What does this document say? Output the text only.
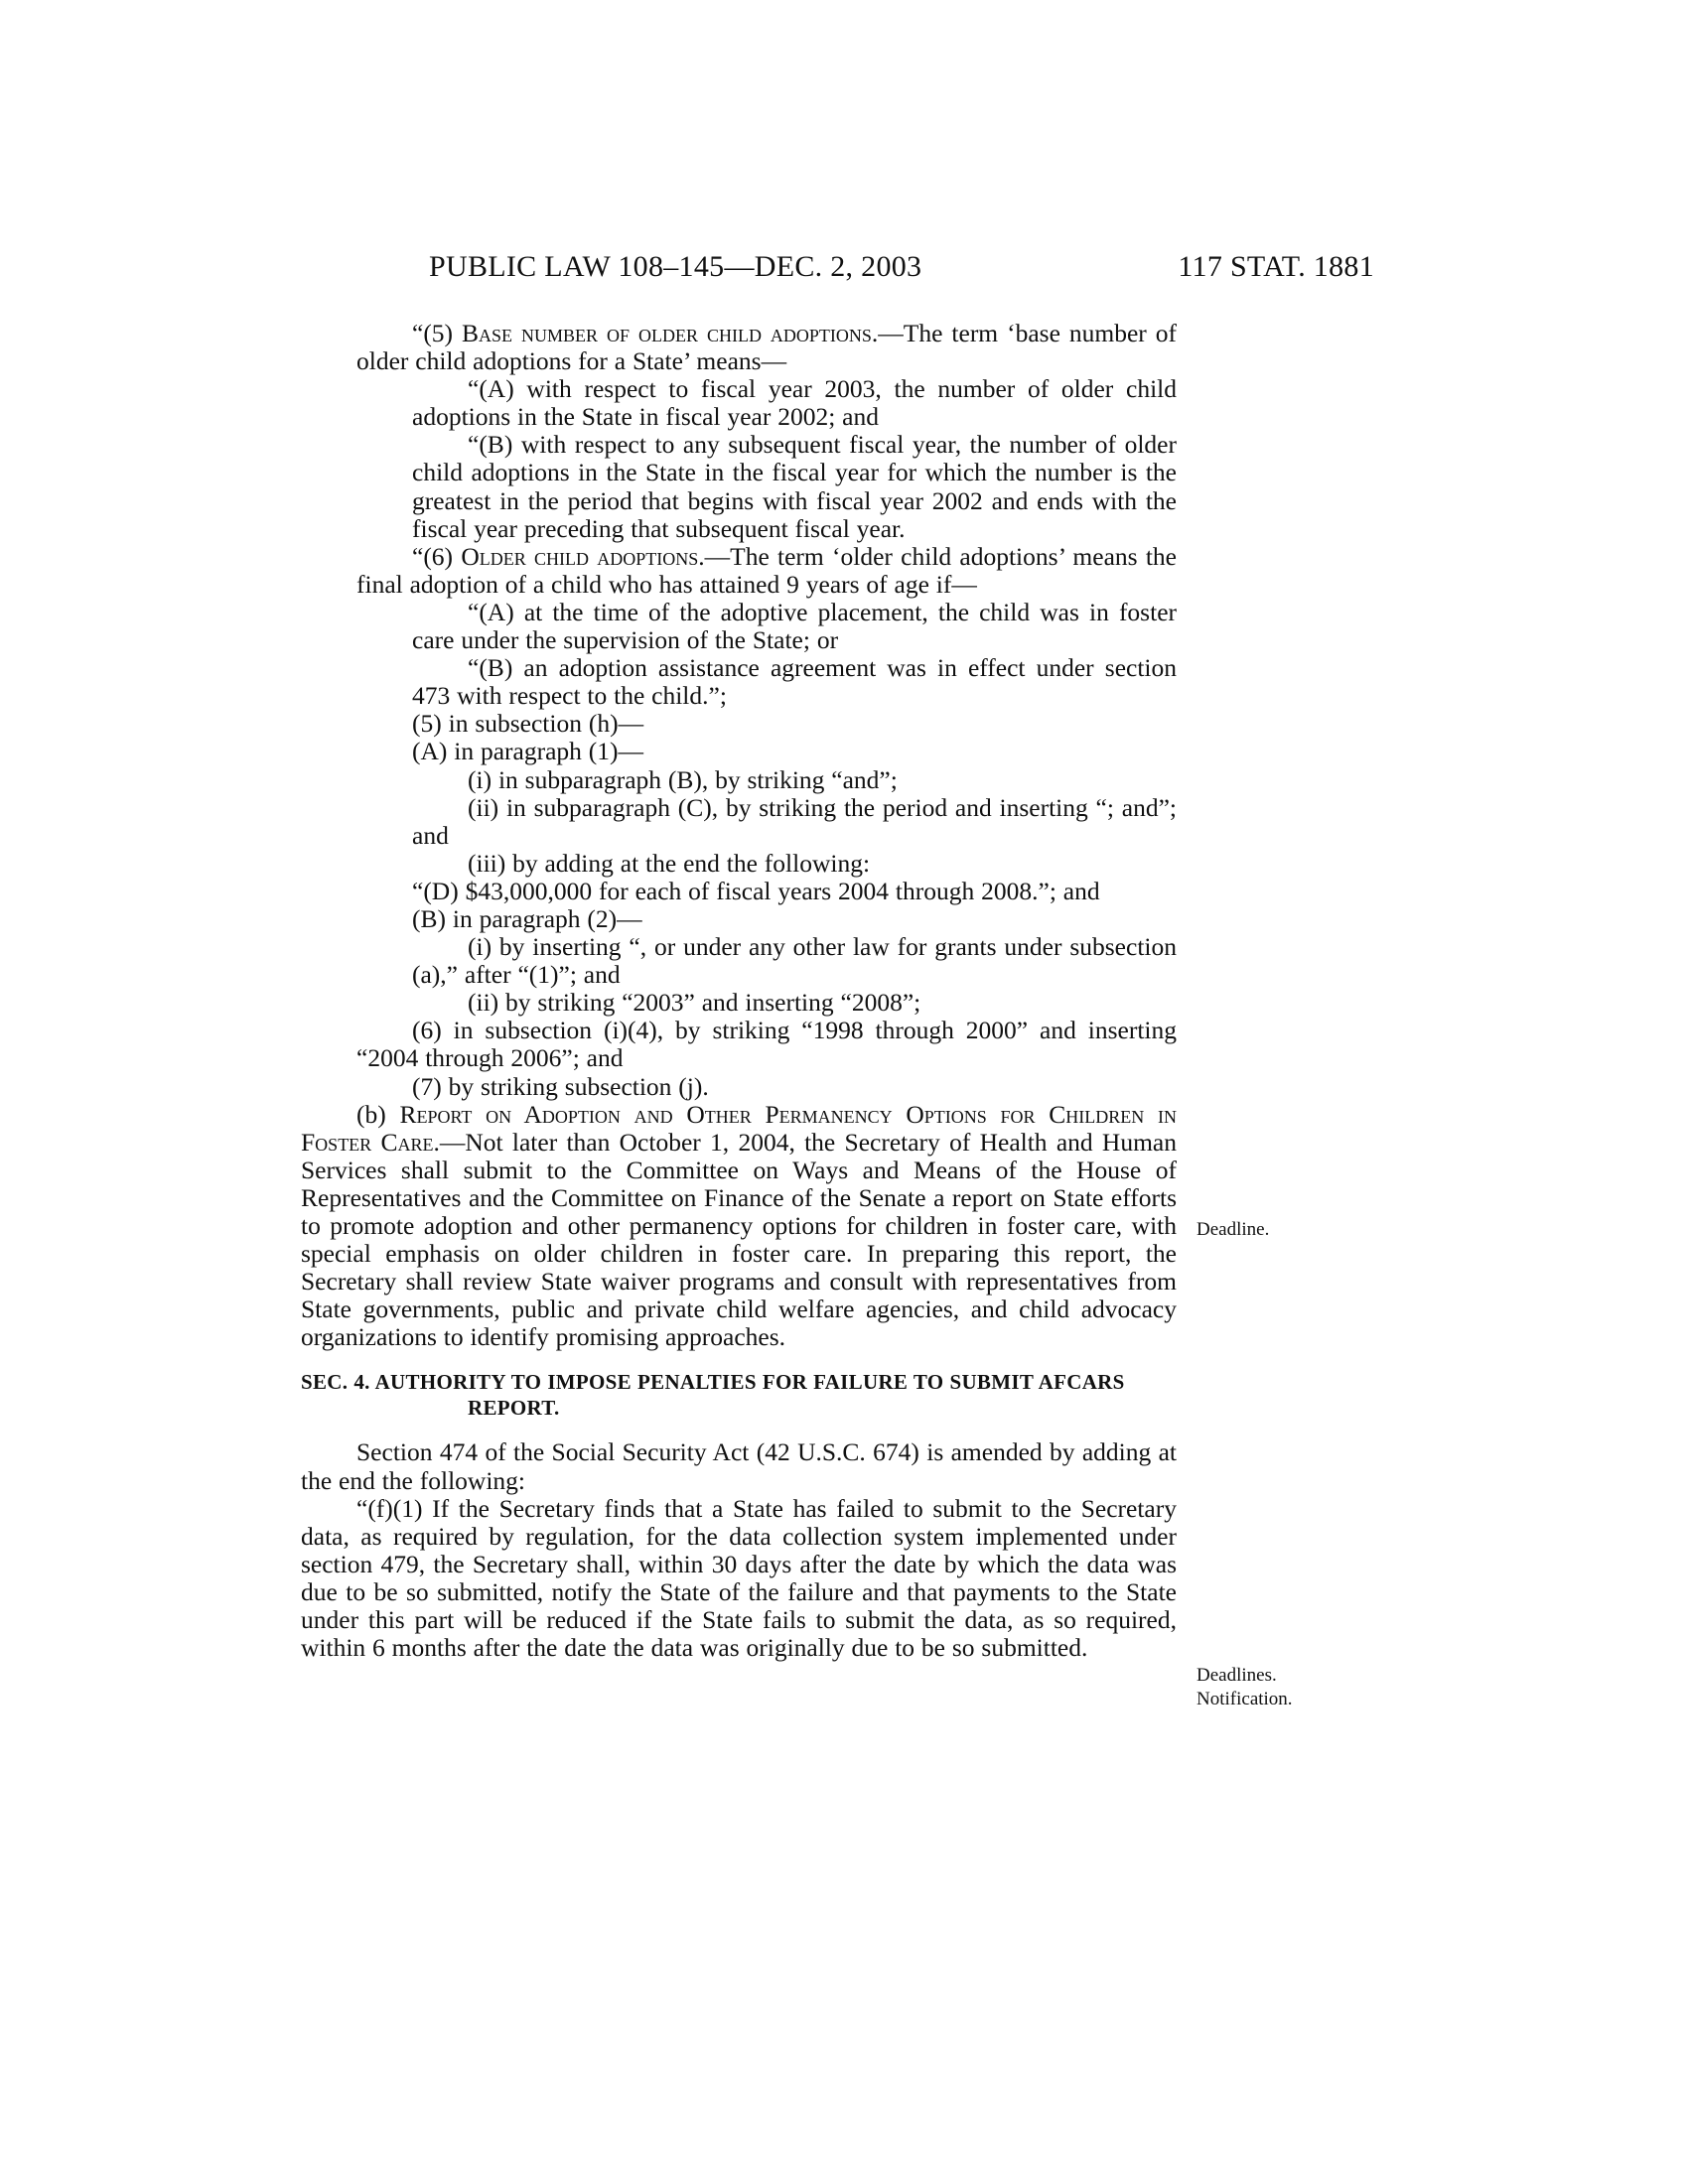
PUBLIC LAW 108–145—DEC. 2, 2003	117 STAT. 1881

“(5) Base number of older child adoptions.—The term ‘base number of older child adoptions for a State’ means—

“(A) with respect to fiscal year 2003, the number of older child adoptions in the State in fiscal year 2002; and

“(B) with respect to any subsequent fiscal year, the number of older child adoptions in the State in the fiscal year for which the number is the greatest in the period that begins with fiscal year 2002 and ends with the fiscal year preceding that subsequent fiscal year.

“(6) Older child adoptions.—The term ‘older child adoptions’ means the final adoption of a child who has attained 9 years of age if—

“(A) at the time of the adoptive placement, the child was in foster care under the supervision of the State; or

“(B) an adoption assistance agreement was in effect under section 473 with respect to the child.”;

(5) in subsection (h)—

(A) in paragraph (1)—

(i) in subparagraph (B), by striking “and”;

(ii) in subparagraph (C), by striking the period and inserting “; and”; and

(iii) by adding at the end the following:

“(D) $43,000,000 for each of fiscal years 2004 through 2008.”; and

(B) in paragraph (2)—

(i) by inserting “, or under any other law for grants under subsection (a),” after “(1)”; and

(ii) by striking “2003” and inserting “2008”;

(6) in subsection (i)(4), by striking “1998 through 2000” and inserting “2004 through 2006”; and

(7) by striking subsection (j).

(b) Report on Adoption and Other Permanency Options for Children in Foster Care.—Not later than October 1, 2004, the Secretary of Health and Human Services shall submit to the Committee on Ways and Means of the House of Representatives and the Committee on Finance of the Senate a report on State efforts to promote adoption and other permanency options for children in foster care, with special emphasis on older children in foster care. In preparing this report, the Secretary shall review State waiver programs and consult with representatives from State governments, public and private child welfare agencies, and child advocacy organizations to identify promising approaches.

SEC. 4. AUTHORITY TO IMPOSE PENALTIES FOR FAILURE TO SUBMIT AFCARS REPORT.

Section 474 of the Social Security Act (42 U.S.C. 674) is amended by adding at the end the following:

“(f)(1) If the Secretary finds that a State has failed to submit to the Secretary data, as required by regulation, for the data collection system implemented under section 479, the Secretary shall, within 30 days after the date by which the data was due to be so submitted, notify the State of the failure and that payments to the State under this part will be reduced if the State fails to submit the data, as so required, within 6 months after the date the data was originally due to be so submitted.

Deadline.
Deadlines.
Notification.
